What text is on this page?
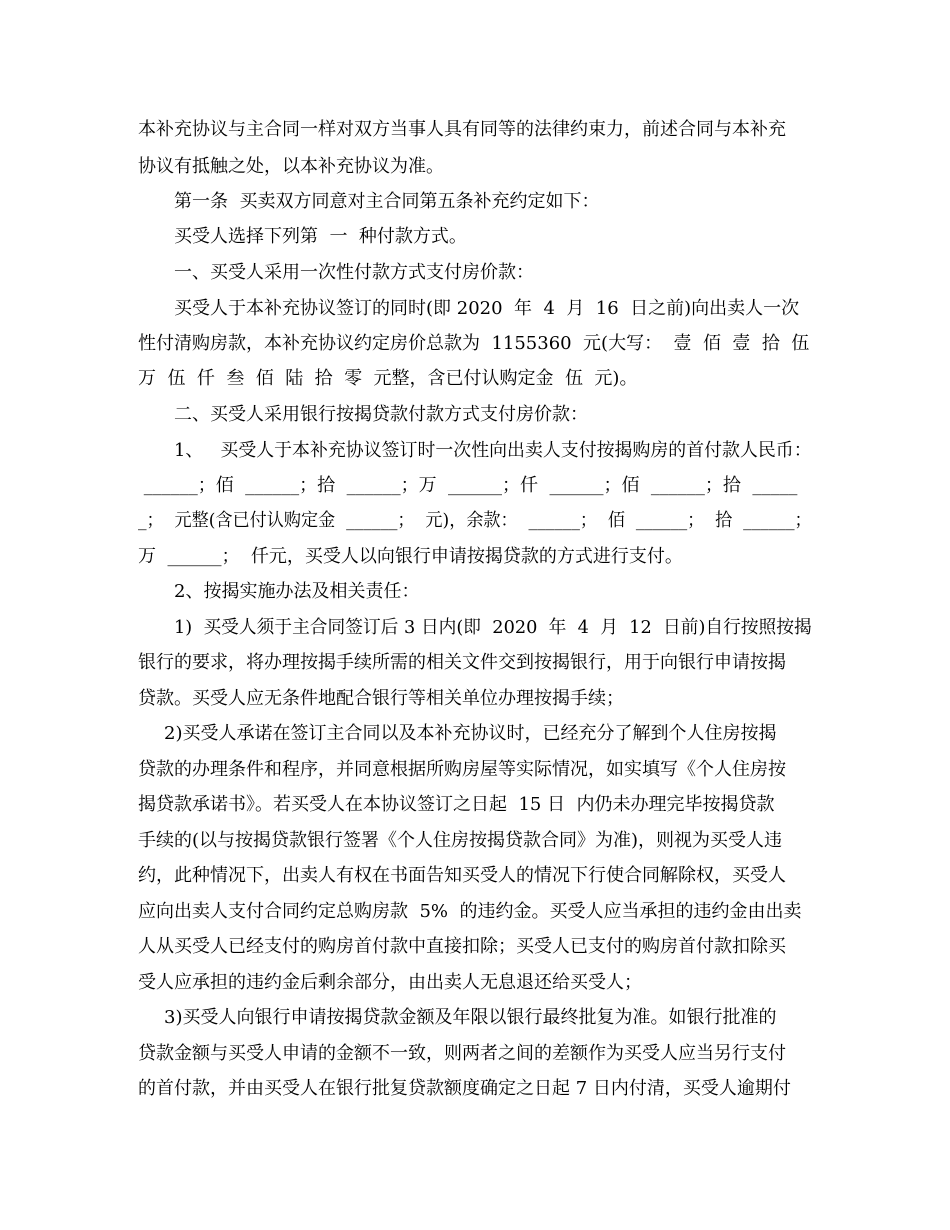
本补充协议与主合同一样对双方当事人具有同等的法律约束力，前述合同与本补充
协议有抵触之处，以本补充协议为准。
第一条  买卖双方同意对主合同第五条补充约定如下：
买受人选择下列第  一  种付款方式。
一、买受人采用一次性付款方式支付房价款：
买受人于本补充协议签订的同时(即 2020  年  4  月  16  日之前)向出卖人一次
性付清购房款，本补充协议约定房价总款为  1155360  元(大写：  壹  佰  壹  拾  伍
万  伍  仟  叁  佰  陆  拾  零  元整，含已付认购定金  伍  元)。
二、买受人采用银行按揭贷款付款方式支付房价款：
1、   买受人于本补充协议签订时一次性向出卖人支付按揭购房的首付款人民币：
______；佰  ______；拾  ______；万  ______；仟  ______；佰  ______；拾  _____
_；  元整(含已付认购定金  ______；  元)，余款：  ______；  佰  ______；  拾  ______；
万  ______；  仟元，买受人以向银行申请按揭贷款的方式进行支付。
2、按揭实施办法及相关责任：
1)  买受人须于主合同签订后 3 日内(即  2020  年  4  月  12  日前)自行按照按揭
银行的要求，将办理按揭手续所需的相关文件交到按揭银行，用于向银行申请按揭
贷款。买受人应无条件地配合银行等相关单位办理按揭手续；
2)买受人承诺在签订主合同以及本补充协议时，已经充分了解到个人住房按揭
贷款的办理条件和程序，并同意根据所购房屋等实际情况，如实填写《个人住房按
揭贷款承诺书》。若买受人在本协议签订之日起  15 日  内仍未办理完毕按揭贷款
手续的(以与按揭贷款银行签署《个人住房按揭贷款合同》为准)，则视为买受人违
约，此种情况下，出卖人有权在书面告知买受人的情况下行使合同解除权，买受人
应向出卖人支付合同约定总购房款  5%  的违约金。买受人应当承担的违约金由出卖
人从买受人已经支付的购房首付款中直接扣除；买受人已支付的购房首付款扣除买
受人应承担的违约金后剩余部分，由出卖人无息退还给买受人；
3)买受人向银行申请按揭贷款金额及年限以银行最终批复为准。如银行批准的
贷款金额与买受人申请的金额不一致，则两者之间的差额作为买受人应当另行支付
的首付款，并由买受人在银行批复贷款额度确定之日起 7 日内付清，买受人逾期付
